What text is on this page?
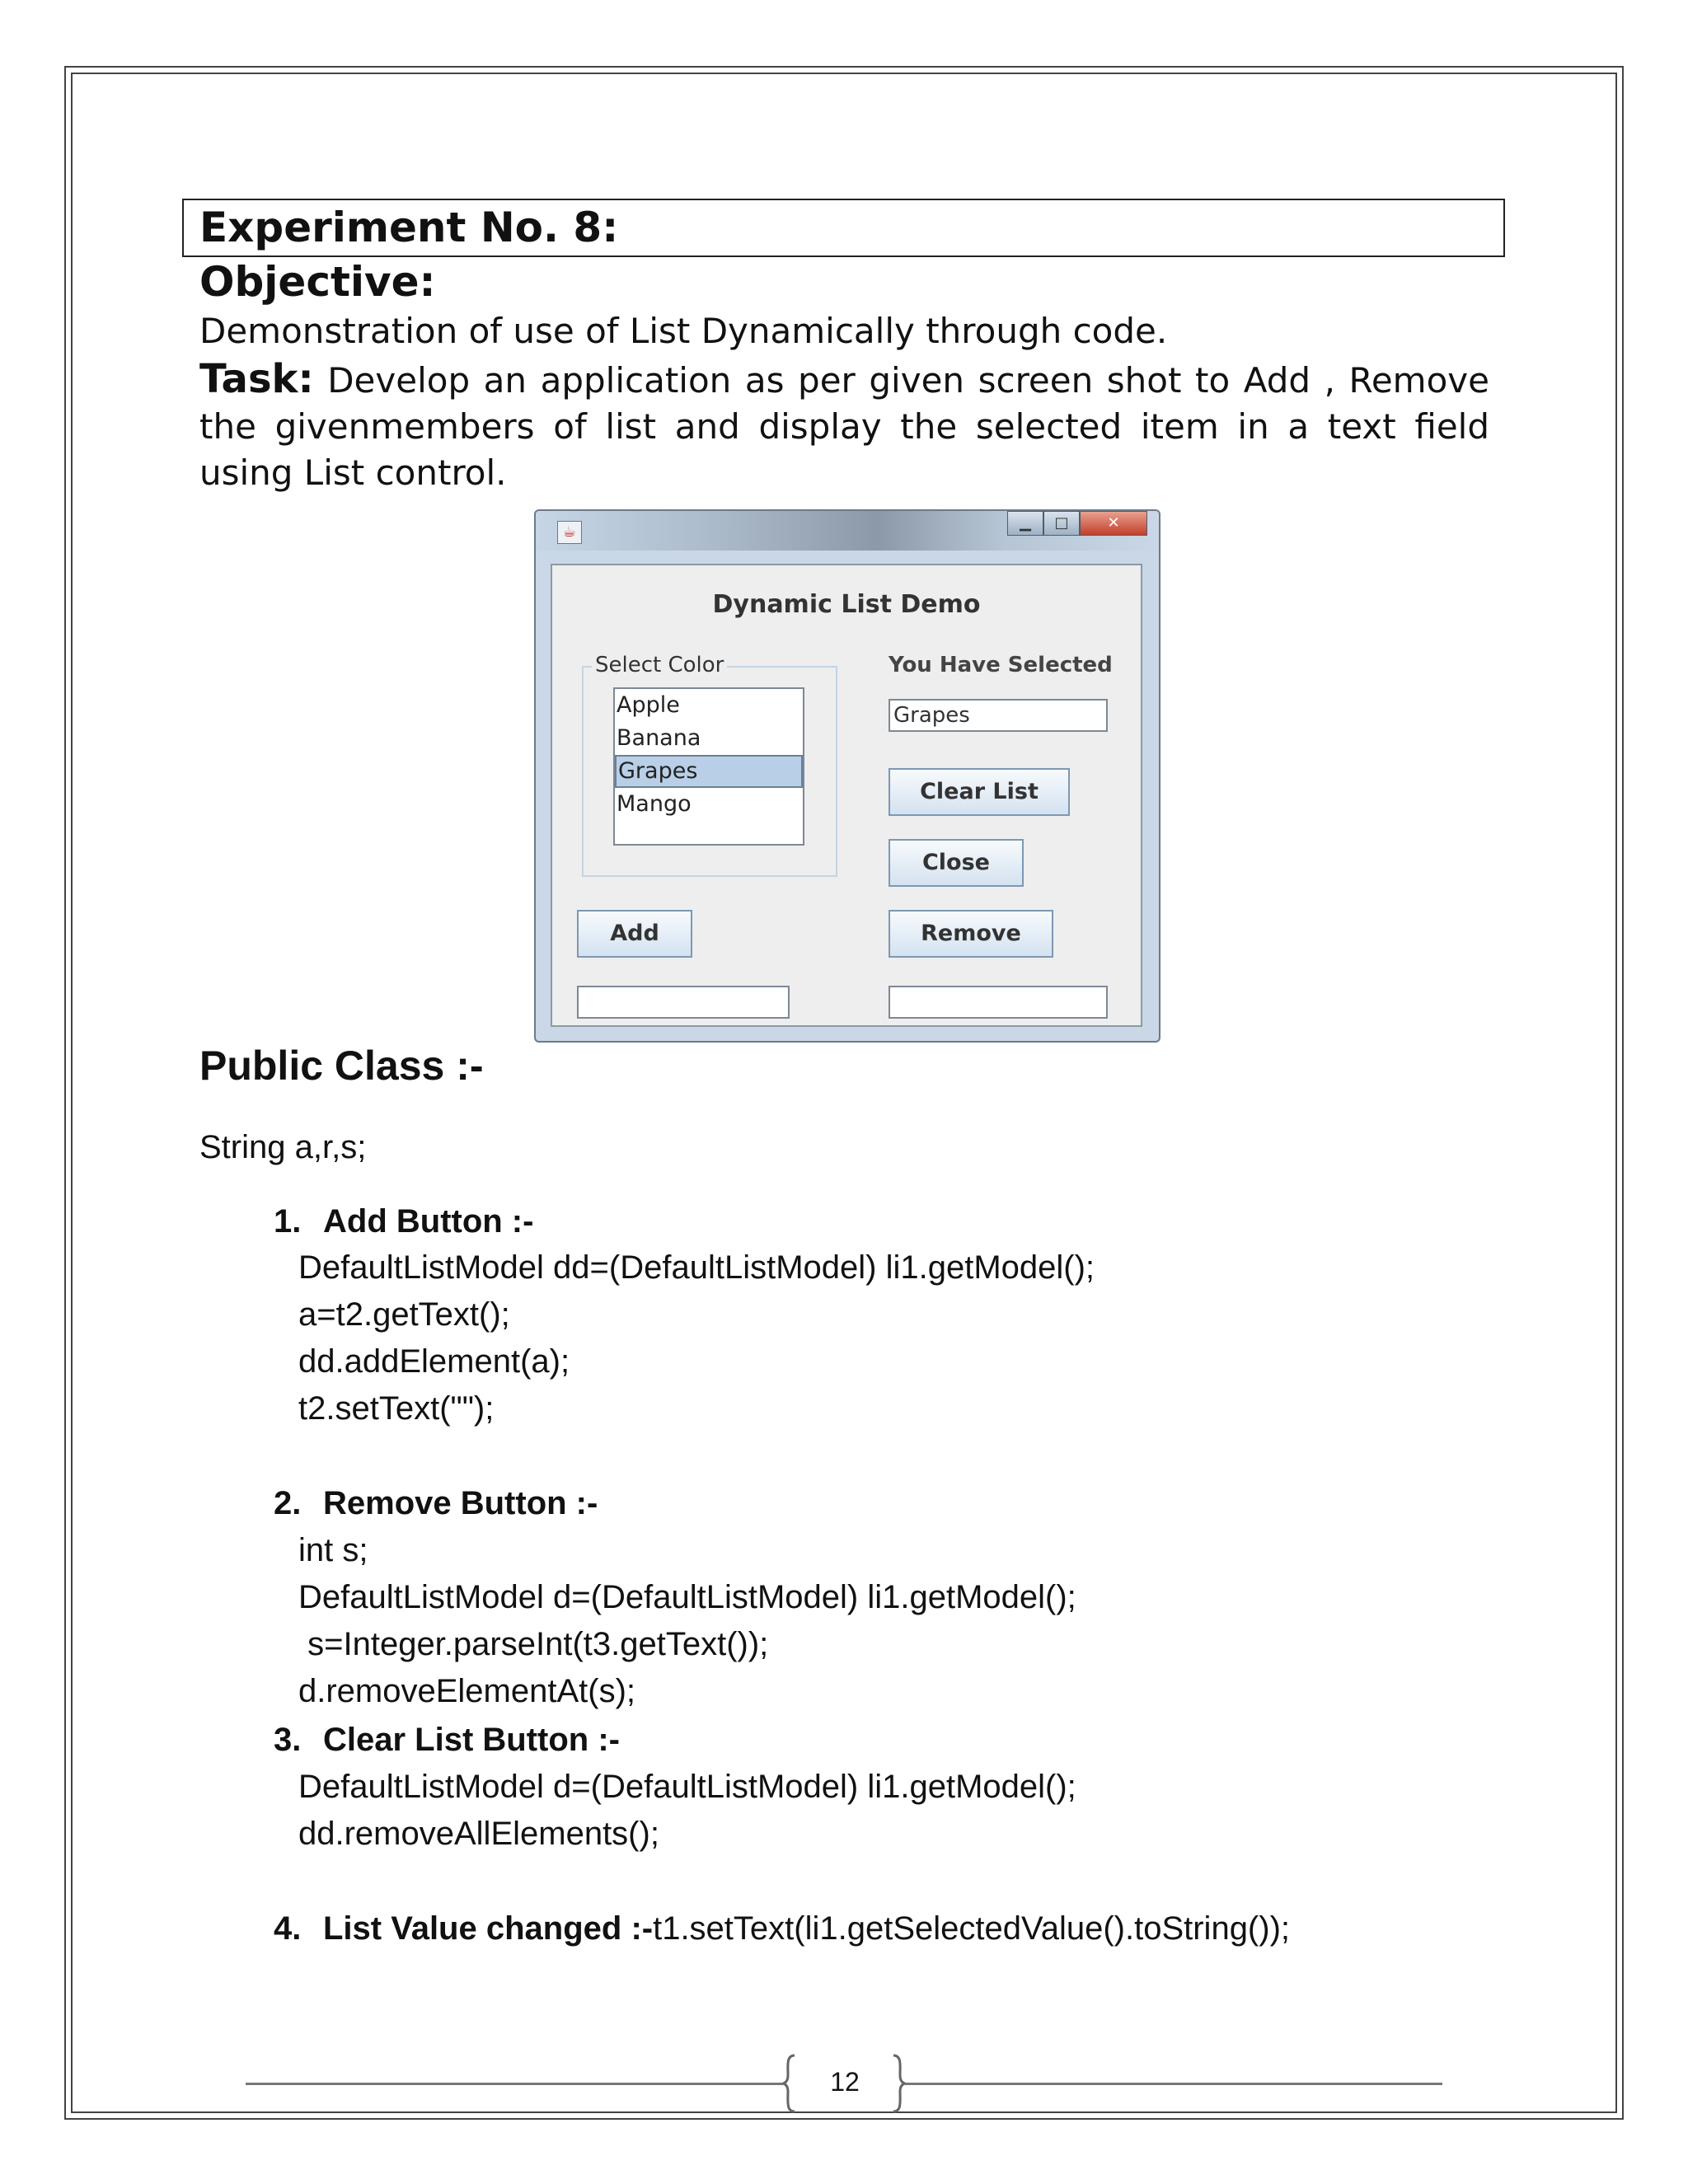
Experiment No. 8:
Objective:
Demonstration of use of List Dynamically through code.
Task: Develop an application as per given screen shot to Add , Remove the givenmembers of list and display the selected item in a text field using List control.
☕
▁	□	✕
Dynamic List Demo
Select Color
Apple
Banana
Grapes
Mango
You Have Selected
Grapes
Clear List
Close
Add	Remove
Public Class :-
String a,r,s;
1. Add Button :-
DefaultListModel dd=(DefaultListModel) li1.getModel();
a=t2.getText();
dd.addElement(a);
t2.setText("");
2. Remove Button :-
int s;
DefaultListModel d=(DefaultListModel) li1.getModel();
s=Integer.parseInt(t3.getText());
d.removeElementAt(s);
3. Clear List Button :-
DefaultListModel d=(DefaultListModel) li1.getModel();
dd.removeAllElements();
4. List Value changed :-t1.setText(li1.getSelectedValue().toString());
12
